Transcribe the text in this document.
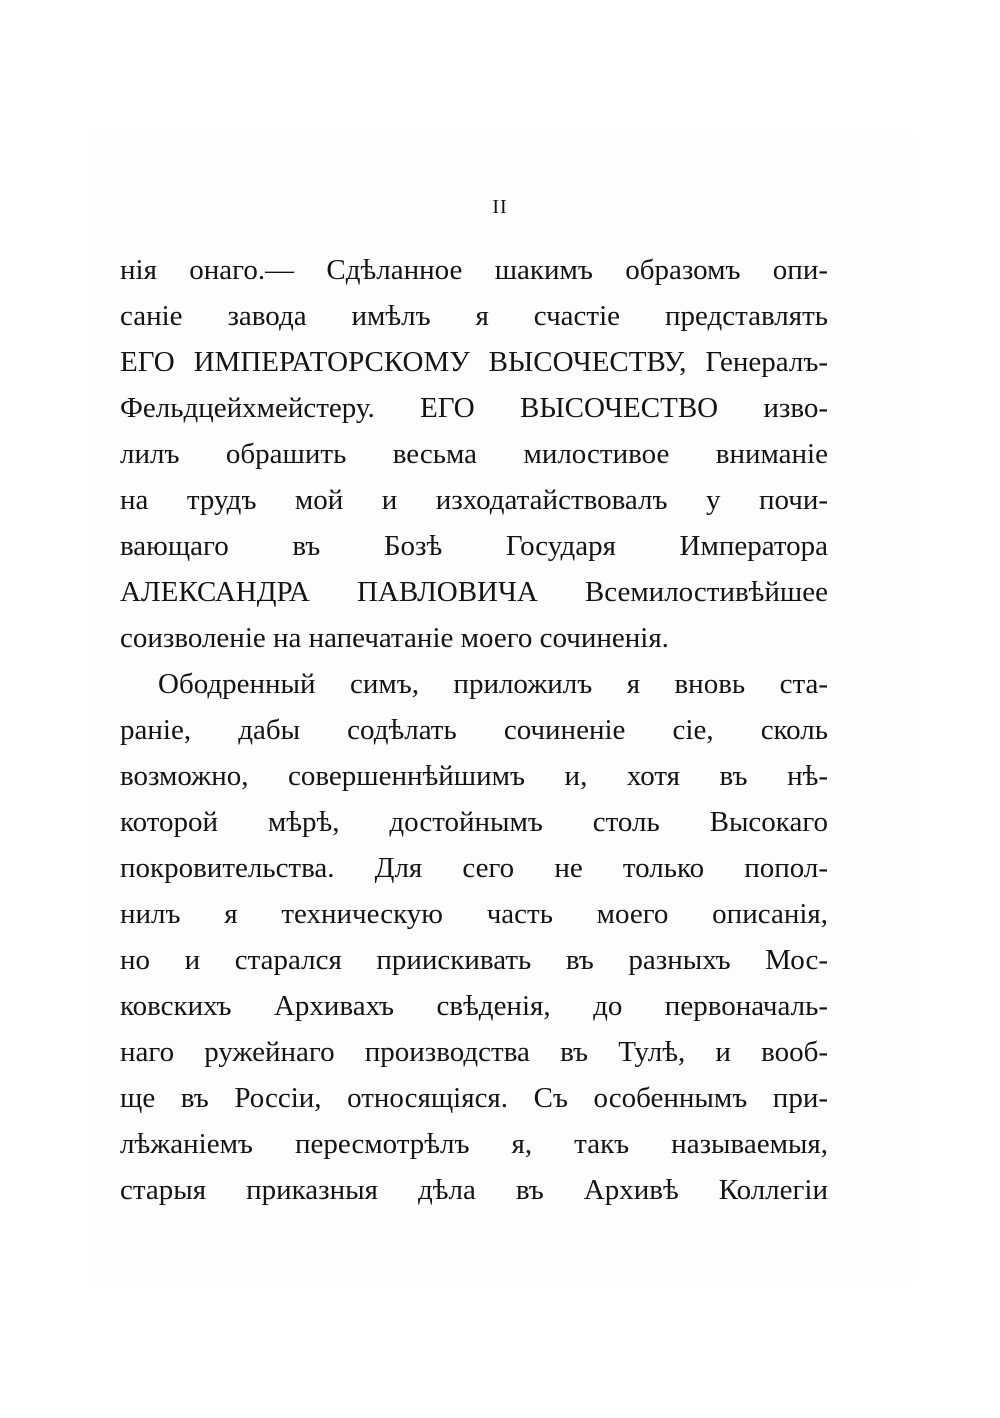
II
нія онаго.— Сдѣланное шакимъ образомъ опи-
саніе завода имѣлъ я счастіе представлять
ЕГО ИМПЕРАТОРСКОМУ ВЫСОЧЕСТВУ, Генералъ-
Фельдцейхмейстеру. ЕГО ВЫСОЧЕСТВО изво-
лилъ обрашить весьма милостивое вниманіе
на трудъ мой и изходатайствовалъ у почи-
вающаго въ Бозѣ Государя Императора
АЛЕКСАНДРА ПАВЛОВИЧА Всемилостивѣйшее
соизволеніе на напечатаніе моего сочиненія.
Ободренный симъ, приложилъ я вновь ста-
раніе, дабы содѣлать сочиненіе сіе, сколь
возможно, совершеннѣйшимъ и, хотя въ нѣ-
которой мѣрѣ, достойнымъ столь Высокаго
покровительства. Для сего не только попол-
нилъ я техническую часть моего описанія,
но и старался приискивать въ разныхъ Мос-
ковскихъ Архивахъ свѣденія, до первоначаль-
наго ружейнаго производства въ Тулѣ, и вооб-
ще въ Россіи, относящіяся. Съ особеннымъ при-
лѣжаніемъ пересмотрѣлъ я, такъ называемыя,
старыя приказныя дѣла въ Архивѣ Коллегіи
